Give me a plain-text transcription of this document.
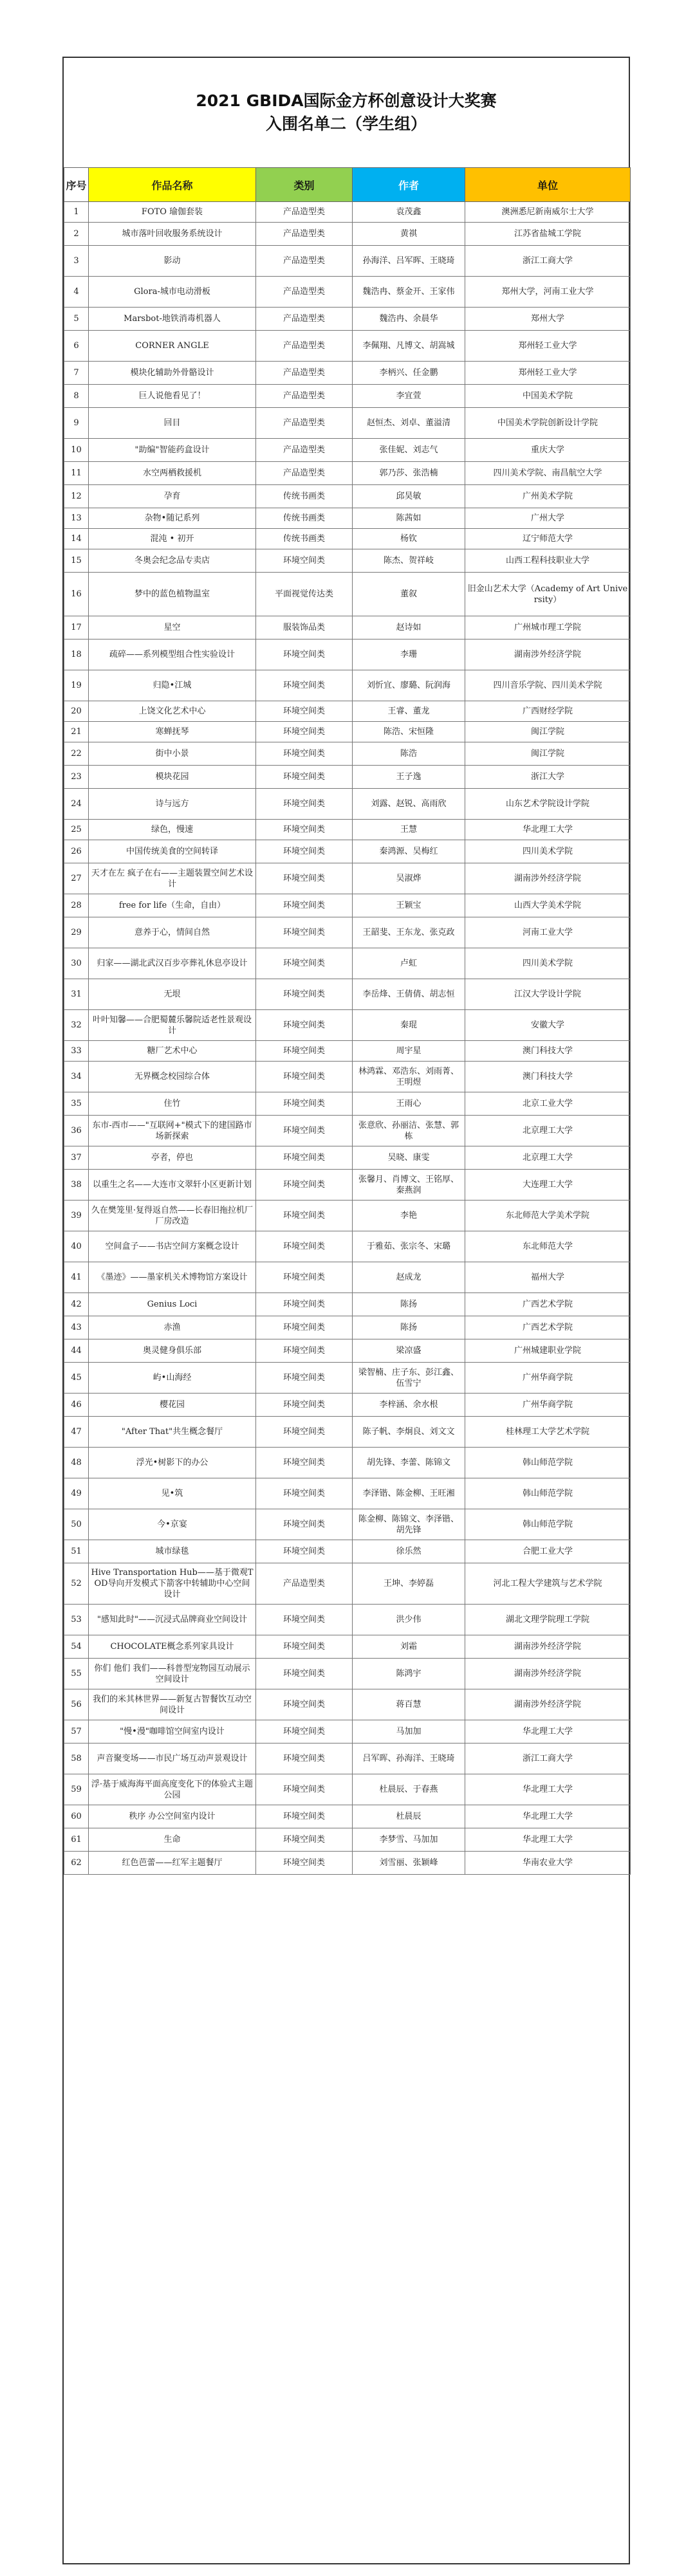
2021 GBIDA国际金方杯创意设计大奖赛
入围名单二（学生组）
序号	作品名称	类别	作者	单位
1	FOTO 瑜伽套装	产品造型类	袁茂鑫	澳洲悉尼新南威尔士大学
2	城市落叶回收服务系统设计	产品造型类	黄祺	江苏省盐城工学院
3	影动	产品造型类	孙海洋、吕军晖、王晓琦	浙江工商大学
4	Glora-城市电动滑板	产品造型类	魏浩冉、蔡金开、王家伟	郑州大学，河南工业大学
5	Marsbot-地铁消毒机器人	产品造型类	魏浩冉、余晨华	郑州大学
6	CORNER ANGLE	产品造型类	李佩翔、凡博文、胡嵩城	郑州轻工业大学
7	模块化辅助外骨骼设计	产品造型类	李柄兴、任金鹏	郑州轻工业大学
8	巨人说他看见了！	产品造型类	李宜萱	中国美术学院
9	回目	产品造型类	赵恒杰、刘卓、董溢清	中国美术学院创新设计学院
10	"助编"智能药盒设计	产品造型类	张佳妮、刘志气	重庆大学
11	水空两栖救援机	产品造型类	郭乃莎、张浩楠	四川美术学院、南昌航空大学
12	孕育	传统书画类	邱昊敏	广州美术学院
13	杂物•随记系列	传统书画类	陈茜如	广州大学
14	混沌 • 初开	传统书画类	杨钦	辽宁师范大学
15	冬奥会纪念品专卖店	环境空间类	陈杰、贺祥岐	山西工程科技职业大学
16	梦中的蓝色植物温室	平面视觉传达类	董叙	旧金山艺术大学（Academy of Art University）
17	星空	服装饰品类	赵诗如	广州城市理工学院
18	疏碎——系列模型组合性实验设计	环境空间类	李珊	湖南涉外经济学院
19	归隐•江城	环境空间类	刘忻宜、廖璐、阮润海	四川音乐学院、四川美术学院
20	上饶文化艺术中心	环境空间类	王睿、董龙	广西财经学院
21	寒蝉抚琴	环境空间类	陈浩、宋恒隆	闽江学院
22	街中小景	环境空间类	陈浩	闽江学院
23	模块花园	环境空间类	王子逸	浙江大学
24	诗与远方	环境空间类	刘露、赵锐、高雨欣	山东艺术学院设计学院
25	绿色，慢速	环境空间类	王慧	华北理工大学
26	中国传统美食的空间转译	环境空间类	秦鸿源、吴梅红	四川美术学院
27	天才在左 疯子在右——主题装置空间艺术设计	环境空间类	吴淑烨	湖南涉外经济学院
28	free for life（生命，自由）	环境空间类	王颖宝	山西大学美术学院
29	意养于心，情间自然	环境空间类	王韶斐、王东龙、张克政	河南工业大学
30	归家——湖北武汉百步亭葬礼休息亭设计	环境空间类	卢虹	四川美术学院
31	无垠	环境空间类	李岳烽、王倩倩、胡志恒	江汉大学设计学院
32	叶叶知馨——合肥蜀麓乐馨院适老性景观设计	环境空间类	秦琨	安徽大学
33	糖厂艺术中心	环境空间类	周宇星	澳门科技大学
34	无界概念校园综合体	环境空间类	林鸿霖、邓浩东、刘雨菁、王明煜	澳门科技大学
35	住竹	环境空间类	王雨心	北京工业大学
36	东市-西市——"互联网+"模式下的建国路市场新探索	环境空间类	张意欣、孙丽洁、张慧、郭栋	北京理工大学
37	亭者，停也	环境空间类	吴晓、康雯	北京理工大学
38	以重生之名——大连市文翠轩小区更新计划	环境空间类	张馨月、肖博文、王铭厚、秦燕润	大连理工大学
39	久在樊笼里·复得返自然——长春旧拖拉机厂厂房改造	环境空间类	李艳	东北师范大学美术学院
40	空间盒子——书店空间方案概念设计	环境空间类	于雅茹、张宗冬、宋璐	东北师范大学
41	《墨迹》——墨家机关术博物馆方案设计	环境空间类	赵成龙	福州大学
42	Genius Loci	环境空间类	陈扬	广西艺术学院
43	赤渔	环境空间类	陈扬	广西艺术学院
44	奥灵健身俱乐部	环境空间类	梁凉盛	广州城建职业学院
45	屿•山海经	环境空间类	梁智楠、庄子东、彭江鑫、伍雪宁	广州华商学院
46	樱花园	环境空间类	李梓涵、余水根	广州华商学院
47	"After That"共生概念餐厅	环境空间类	陈子帆、李炯良、刘文文	桂林理工大学艺术学院
48	浮光•树影下的办公	环境空间类	胡先锋、李蕾、陈锦文	韩山师范学院
49	见•筑	环境空间类	李泽锴、陈金柳、王旺湘	韩山师范学院
50	今•京宴	环境空间类	陈金柳、陈锦文、李泽锴、胡先锋	韩山师范学院
51	城市绿毯	环境空间类	徐乐然	合肥工业大学
52	Hive Transportation Hub——基于微观TOD导向开发模式下箭客中转辅助中心空间设计	产品造型类	王坤、李婷磊	河北工程大学建筑与艺术学院
53	"感知此时"——沉浸式品牌商业空间设计	环境空间类	洪少伟	湖北文理学院理工学院
54	CHOCOLATE概念系列家具设计	环境空间类	刘霜	湖南涉外经济学院
55	你们 他们 我们——科普型宠物园互动展示空间设计	环境空间类	陈鸿宇	湖南涉外经济学院
56	我们的米其林世界——新复古智餐饮互动空间设计	环境空间类	蒋百慧	湖南涉外经济学院
57	"慢•漫"咖啡馆空间室内设计	环境空间类	马加加	华北理工大学
58	声音聚变场——市民广场互动声景观设计	环境空间类	吕军晖、孙海洋、王晓琦	浙江工商大学
59	浮·基于威海海平面高度变化下的体验式主题公园	环境空间类	杜晨辰、于春燕	华北理工大学
60	秩序 办公空间室内设计	环境空间类	杜晨辰	华北理工大学
61	生命	环境空间类	李梦雪、马加加	华北理工大学
62	红色芭蕾——红军主题餐厅	环境空间类	刘雪丽、张颖峰	华南农业大学
